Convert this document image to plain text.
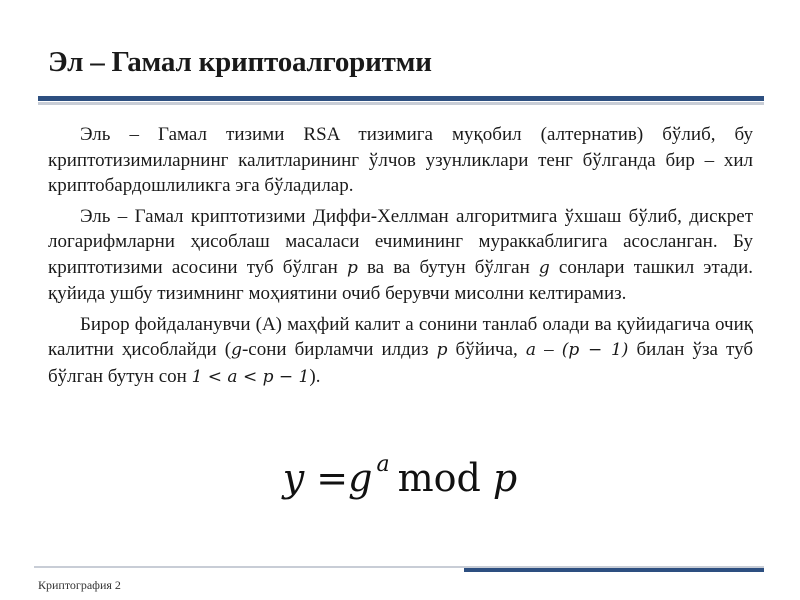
Эл – Гамал криптоалгоритми

Эль – Гамал тизими RSA тизимига муқобил (алтернатив) бўлиб, бу криптотизимиларнинг калитларининг ўлчов узунликлари тенг бўлганда бир – хил криптобардошлиликга эга бўладилар.

Эль – Гамал криптотизими Диффи-Хеллман алгоритмига ўхшаш бўлиб, дискрет логарифмларни ҳисоблаш масаласи ечимининг мураккаблигига асосланган. Бу криптотизими асосини туб бўлган p ва ва бутун бўлган g сонлари ташкил этади. қуйида ушбу тизимнинг моҳиятини очиб берувчи мисолни келтирамиз.

Бирор фойдаланувчи (А) маҳфий калит а сонини танлаб олади ва қуйидагича очиқ калитни ҳисоблайди (g-сони бирламчи илдиз p бўйича, a – (p − 1) билан ўза туб бўлган бутун сон 1 < a < p − 1).

y =g $^a$ mod p
Криптография 2
